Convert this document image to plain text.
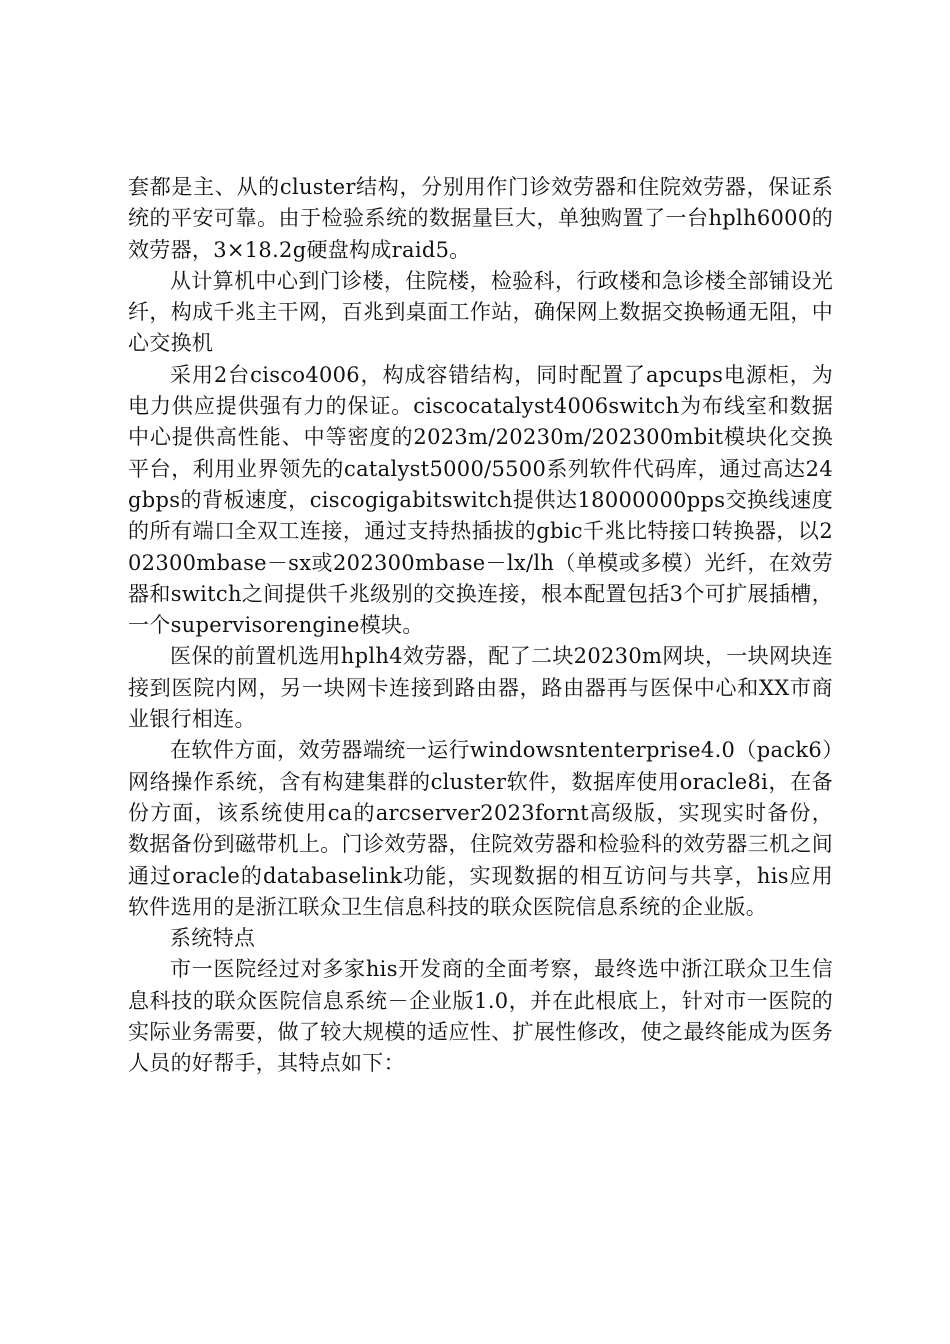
套都是主、从的cluster结构，分别用作门诊效劳器和住院效劳器，保证系统的平安可靠。由于检验系统的数据量巨大，单独购置了一台hplh6000的效劳器，3×18.2g硬盘构成raid5。

从计算机中心到门诊楼，住院楼，检验科，行政楼和急诊楼全部铺设光纤，构成千兆主干网，百兆到桌面工作站，确保网上数据交换畅通无阻，中心交换机

采用2台cisco4006，构成容错结构，同时配置了apcups电源柜，为电力供应提供强有力的保证。ciscocatalyst4006switch为布线室和数据中心提供高性能、中等密度的2023m/20230m/202300mbit模块化交换平台，利用业界领先的catalyst5000/5500系列软件代码库，通过高达24gbps的背板速度，ciscogigabitswitch提供达18000000pps交换线速度的所有端口全双工连接，通过支持热插拔的gbic千兆比特接口转换器，以202300mbase－sx或202300mbase－lx/lh（单模或多模）光纤，在效劳器和switch之间提供千兆级别的交换连接，根本配置包括3个可扩展插槽，一个supervisorengine模块。

医保的前置机选用hplh4效劳器，配了二块20230m网块，一块网块连接到医院内网，另一块网卡连接到路由器，路由器再与医保中心和XX市商业银行相连。

在软件方面，效劳器端统一运行windowsntenterprise4.0（pack6）网络操作系统，含有构建集群的cluster软件，数据库使用oracle8i，在备份方面，该系统使用ca的arcserver2023fornt高级版，实现实时备份，数据备份到磁带机上。门诊效劳器，住院效劳器和检验科的效劳器三机之间通过oracle的databaselink功能，实现数据的相互访问与共享，his应用软件选用的是浙江联众卫生信息科技的联众医院信息系统的企业版。

系统特点

市一医院经过对多家his开发商的全面考察，最终选中浙江联众卫生信息科技的联众医院信息系统－企业版1.0，并在此根底上，针对市一医院的实际业务需要，做了较大规模的适应性、扩展性修改，使之最终能成为医务人员的好帮手，其特点如下：
